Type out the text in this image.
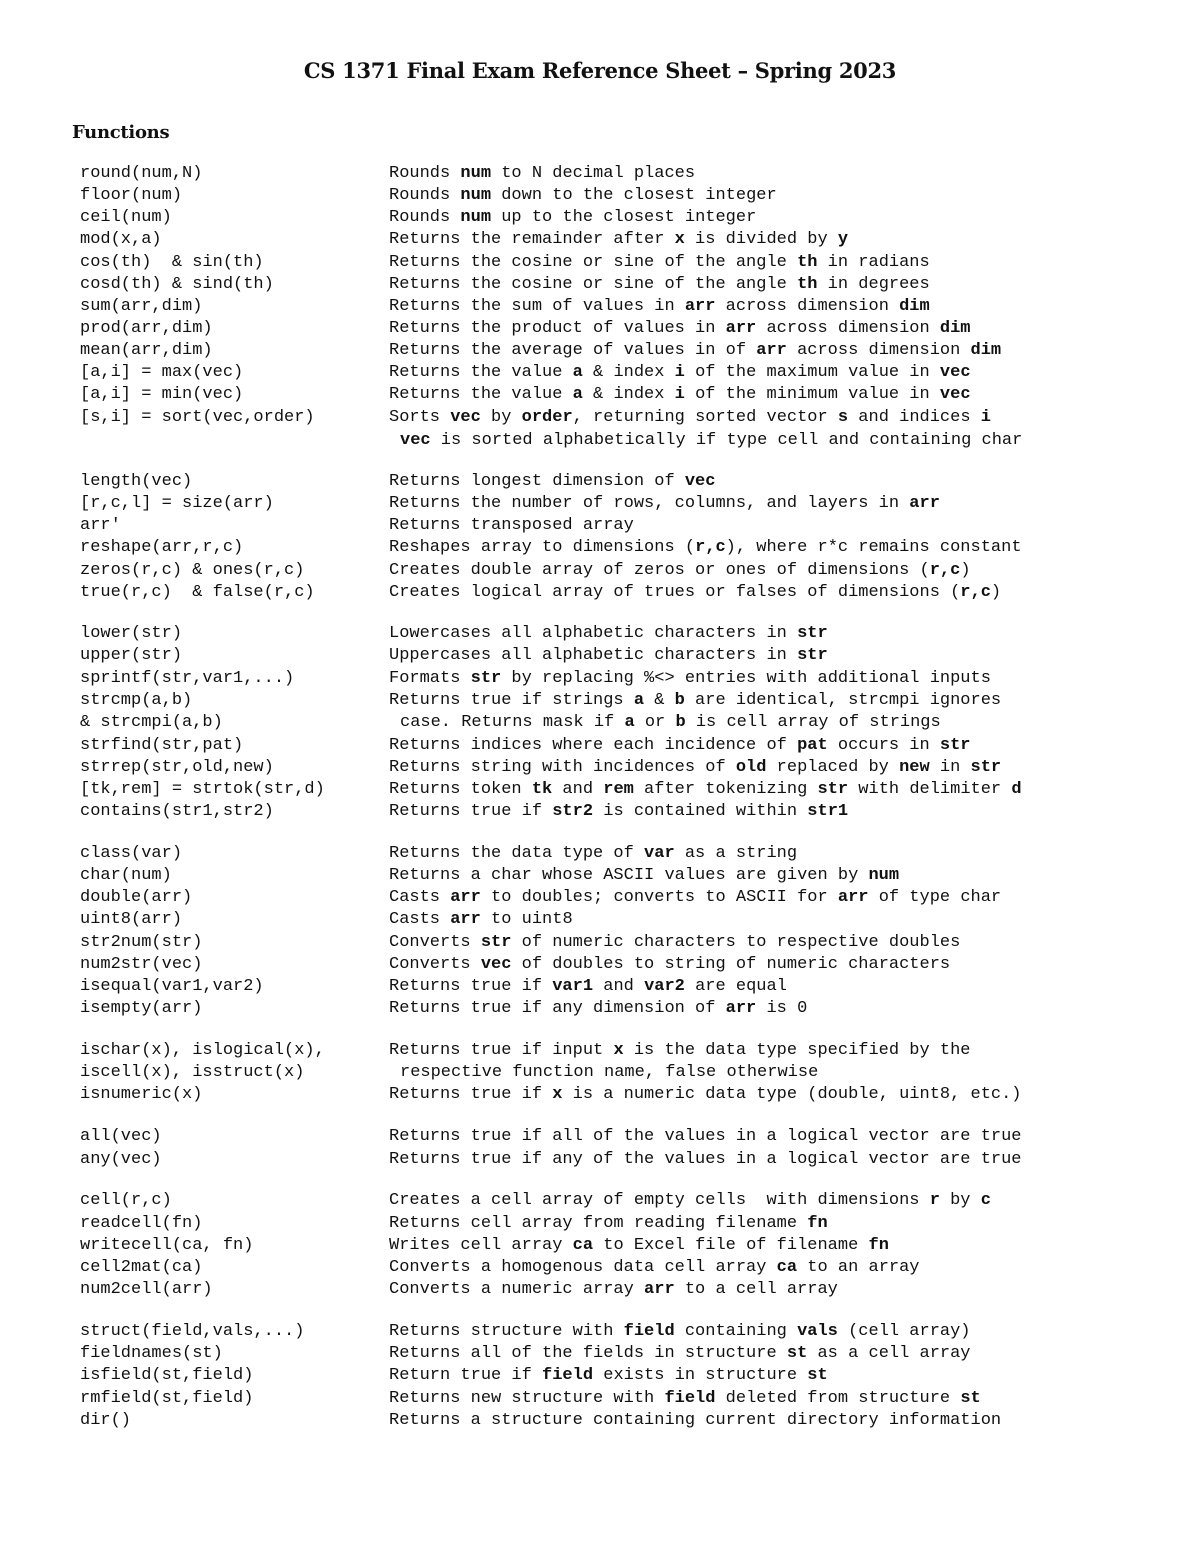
CS 1371 Final Exam Reference Sheet – Spring 2023
Functions
round(num,N)	Rounds num to N decimal places
floor(num)	Rounds num down to the closest integer
ceil(num)	Rounds num up to the closest integer
mod(x,a)	Returns the remainder after x is divided by y
cos(th)  & sin(th)	Returns the cosine or sine of the angle th in radians
cosd(th) & sind(th)	Returns the cosine or sine of the angle th in degrees
sum(arr,dim)	Returns the sum of values in arr across dimension dim
prod(arr,dim)	Returns the product of values in arr across dimension dim
mean(arr,dim)	Returns the average of values in of arr across dimension dim
[a,i] = max(vec)	Returns the value a & index i of the maximum value in vec
[a,i] = min(vec)	Returns the value a & index i of the minimum value in vec
[s,i] = sort(vec,order)	Sorts vec by order, returning sorted vector s and indices i
vec is sorted alphabetically if type cell and containing char
length(vec)	Returns longest dimension of vec
[r,c,l] = size(arr)	Returns the number of rows, columns, and layers in arr
arr'	Returns transposed array
reshape(arr,r,c)	Reshapes array to dimensions (r,c), where r*c remains constant
zeros(r,c) & ones(r,c)	Creates double array of zeros or ones of dimensions (r,c)
true(r,c)  & false(r,c)	Creates logical array of trues or falses of dimensions (r,c)
lower(str)	Lowercases all alphabetic characters in str
upper(str)	Uppercases all alphabetic characters in str
sprintf(str,var1,...)	Formats str by replacing %<> entries with additional inputs
strcmp(a,b)	Returns true if strings a & b are identical, strcmpi ignores
& strcmpi(a,b)	case. Returns mask if a or b is cell array of strings
strfind(str,pat)	Returns indices where each incidence of pat occurs in str
strrep(str,old,new)	Returns string with incidences of old replaced by new in str
[tk,rem] = strtok(str,d)	Returns token tk and rem after tokenizing str with delimiter d
contains(str1,str2)	Returns true if str2 is contained within str1
class(var)	Returns the data type of var as a string
char(num)	Returns a char whose ASCII values are given by num
double(arr)	Casts arr to doubles; converts to ASCII for arr of type char
uint8(arr)	Casts arr to uint8
str2num(str)	Converts str of numeric characters to respective doubles
num2str(vec)	Converts vec of doubles to string of numeric characters
isequal(var1,var2)	Returns true if var1 and var2 are equal
isempty(arr)	Returns true if any dimension of arr is 0
ischar(x), islogical(x),	Returns true if input x is the data type specified by the
iscell(x), isstruct(x)	respective function name, false otherwise
isnumeric(x)	Returns true if x is a numeric data type (double, uint8, etc.)
all(vec)	Returns true if all of the values in a logical vector are true
any(vec)	Returns true if any of the values in a logical vector are true
cell(r,c)	Creates a cell array of empty cells  with dimensions r by c
readcell(fn)	Returns cell array from reading filename fn
writecell(ca, fn)	Writes cell array ca to Excel file of filename fn
cell2mat(ca)	Converts a homogenous data cell array ca to an array
num2cell(arr)	Converts a numeric array arr to a cell array
struct(field,vals,...)	Returns structure with field containing vals (cell array)
fieldnames(st)	Returns all of the fields in structure st as a cell array
isfield(st,field)	Return true if field exists in structure st
rmfield(st,field)	Returns new structure with field deleted from structure st
dir()	Returns a structure containing current directory information
